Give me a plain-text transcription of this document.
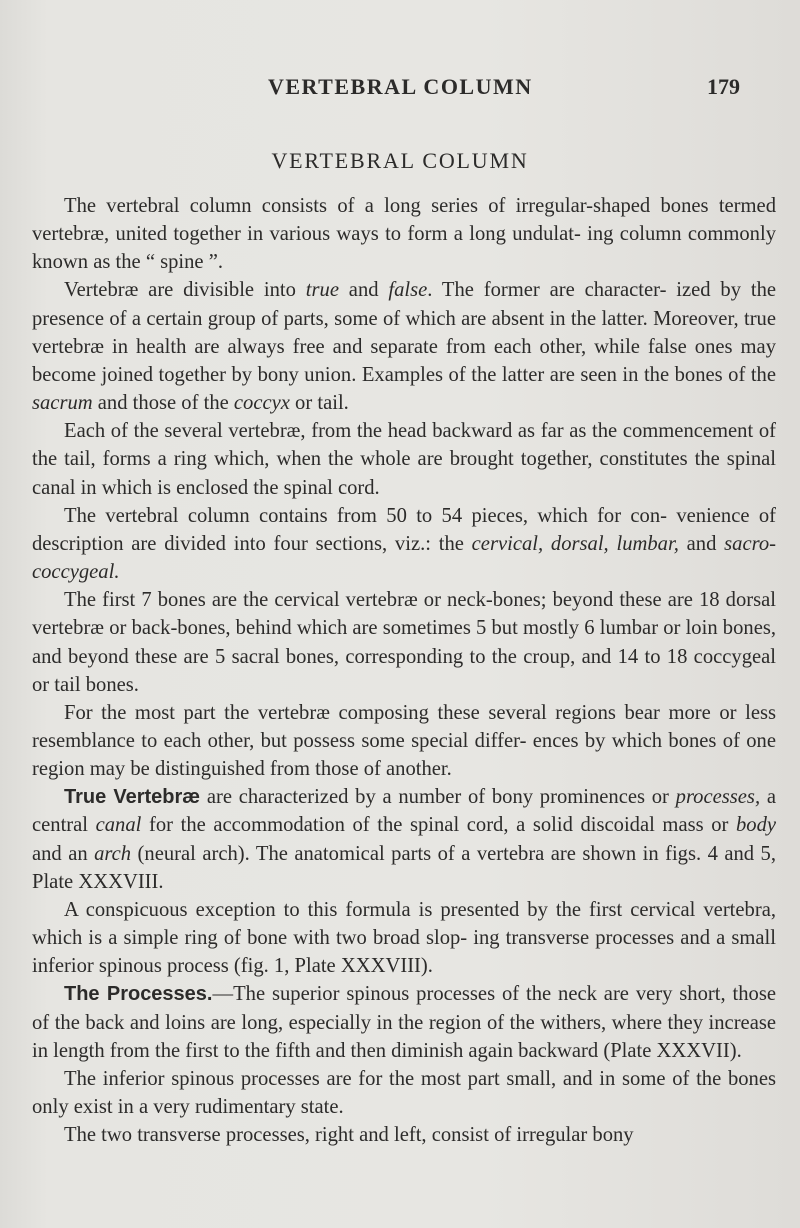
VERTEBRAL COLUMN	179
VERTEBRAL COLUMN

The vertebral column consists of a long series of irregular-shaped bones termed vertebræ, united together in various ways to form a long undulat- ing column commonly known as the “ spine ”.

Vertebræ are divisible into true and false. The former are character- ized by the presence of a certain group of parts, some of which are absent in the latter. Moreover, true vertebræ in health are always free and separate from each other, while false ones may become joined together by bony union. Examples of the latter are seen in the bones of the sacrum and those of the coccyx or tail.

Each of the several vertebræ, from the head backward as far as the commencement of the tail, forms a ring which, when the whole are brought together, constitutes the spinal canal in which is enclosed the spinal cord.

The vertebral column contains from 50 to 54 pieces, which for con- venience of description are divided into four sections, viz.: the cervical, dorsal, lumbar, and sacro-coccygeal.

The first 7 bones are the cervical vertebræ or neck-bones; beyond these are 18 dorsal vertebræ or back-bones, behind which are sometimes 5 but mostly 6 lumbar or loin bones, and beyond these are 5 sacral bones, corresponding to the croup, and 14 to 18 coccygeal or tail bones.

For the most part the vertebræ composing these several regions bear more or less resemblance to each other, but possess some special differ- ences by which bones of one region may be distinguished from those of another.

True Vertebræ are characterized by a number of bony prominences or processes, a central canal for the accommodation of the spinal cord, a solid discoidal mass or body and an arch (neural arch). The anatomical parts of a vertebra are shown in figs. 4 and 5, Plate XXXVIII.

A conspicuous exception to this formula is presented by the first cervical vertebra, which is a simple ring of bone with two broad slop- ing transverse processes and a small inferior spinous process (fig. 1, Plate XXXVIII).

The Processes.—The superior spinous processes of the neck are very short, those of the back and loins are long, especially in the region of the withers, where they increase in length from the first to the fifth and then diminish again backward (Plate XXXVII).

The inferior spinous processes are for the most part small, and in some of the bones only exist in a very rudimentary state.

The two transverse processes, right and left, consist of irregular bony
